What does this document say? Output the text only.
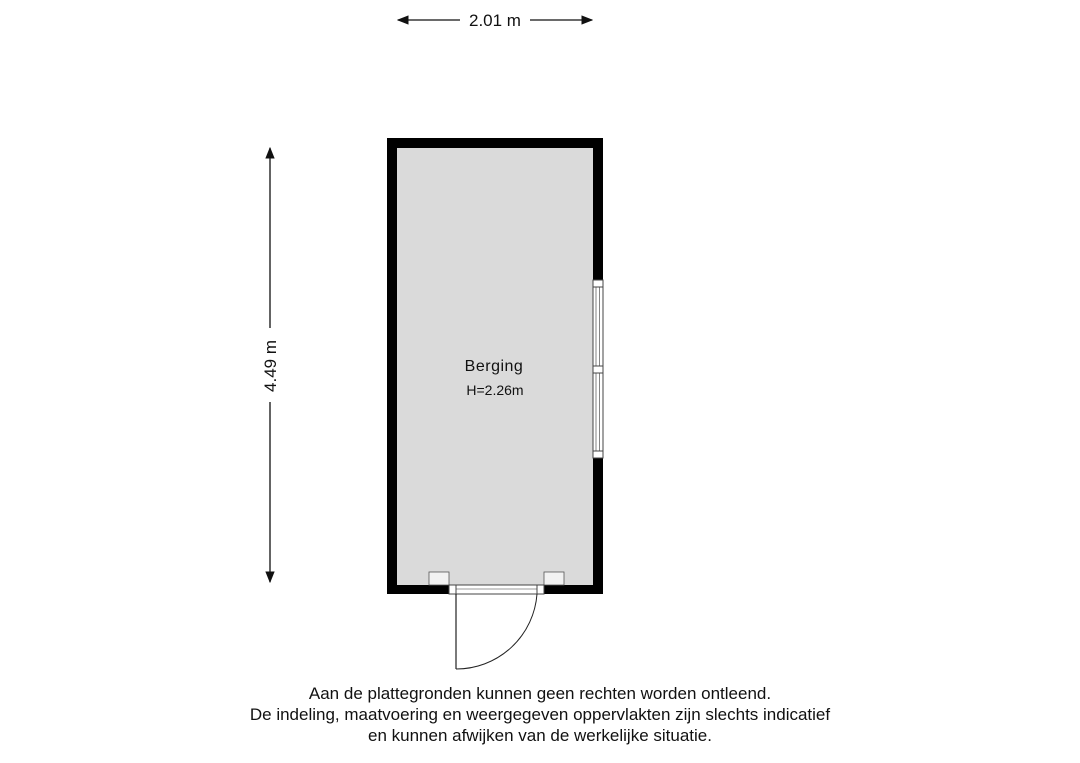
2.01 m
4.49 m	Berging
H=2.26m
Aan de plattegronden kunnen geen rechten worden ontleend.
De indeling, maatvoering en weergegeven oppervlakten zijn slechts indicatief
en kunnen afwijken van de werkelijke situatie.
